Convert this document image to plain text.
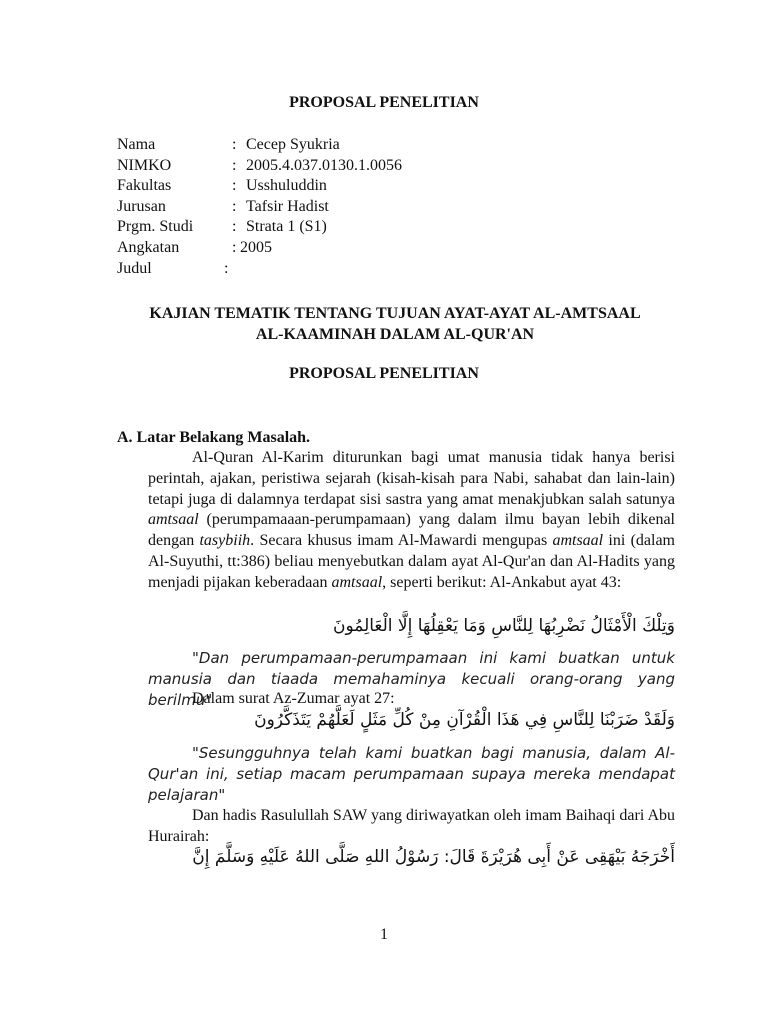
PROPOSAL PENELITIAN
Nama	: Cecep Syukria
NIMKO	: 2005.4.037.0130.1.0056
Fakultas	: Usshuluddin
Jurusan	: Tafsir Hadist
Prgm. Studi	: Strata 1 (S1)
Angkatan	: 2005
Judul	:
KAJIAN TEMATIK TENTANG TUJUAN AYAT-AYAT AL-AMTSAAL
AL-KAAMINAH DALAM AL-QUR'AN
PROPOSAL PENELITIAN
A. Latar Belakang Masalah.

Al-Quran Al-Karim diturunkan bagi umat manusia tidak hanya berisi perintah, ajakan, peristiwa sejarah (kisah-kisah para Nabi, sahabat dan lain-lain) tetapi juga di dalamnya terdapat sisi sastra yang amat menakjubkan salah satunya amtsaal (perumpamaaan-perumpamaan) yang dalam ilmu bayan lebih dikenal dengan tasybiih. Secara khusus imam Al-Mawardi mengupas amtsaal ini (dalam Al-Suyuthi, tt:386) beliau menyebutkan dalam ayat Al-Qur'an dan Al-Hadits yang menjadi pijakan keberadaan amtsaal, seperti berikut: Al-Ankabut ayat 43:

وَتِلْكَ الْأَمْثَالُ نَضْرِبُهَا لِلنَّاسِ وَمَا يَعْقِلُهَا إِلَّا الْعَالِمُونَ

"Dan perumpamaan-perumpamaan ini kami buatkan untuk manusia dan tiaada memahaminya kecuali orang-orang yang berilmu"

Dalam surat Az-Zumar ayat 27:

وَلَقَدْ ضَرَبْنَا لِلنَّاسِ فِي هَذَا الْقُرْآنِ مِنْ كُلِّ مَثَلٍ لَعَلَّهُمْ يَتَذَكَّرُونَ

"Sesungguhnya telah kami buatkan bagi manusia, dalam Al-Qur'an ini, setiap macam perumpamaan supaya mereka mendapat pelajaran"

Dan hadis Rasulullah SAW yang diriwayatkan oleh imam Baihaqi dari Abu Hurairah:

أَخْرَجَهُ بَيْهَقِى عَنْ أَبِى هُرَيْرَةَ قَالَ: رَسُوْلُ اللهِ صَلَّى اللهُ عَلَيْهِ وَسَلَّمَ إِنَّ
1
